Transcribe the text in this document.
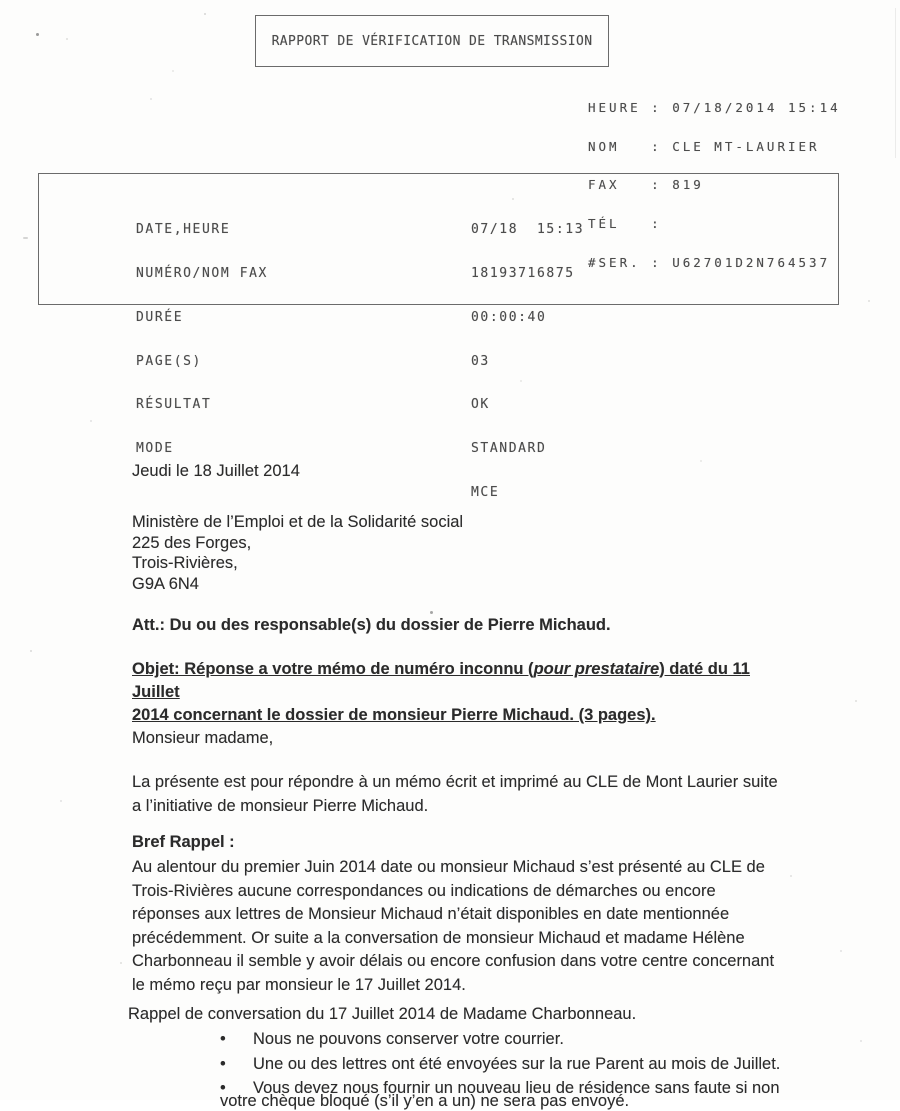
RAPPORT DE VÉRIFICATION DE TRANSMISSION

HEURE : 07/18/2014 15:14

NOM   : CLE MT-LAURIER

FAX   : 819

TÉL   :

#SER. : U62701D2N764537

DATE,HEURE

NUMÉRO/NOM FAX

DURÉE

PAGE(S)

RÉSULTAT

MODE

07/18  15:13

18193716875

00:00:40

03

OK

STANDARD

MCE

Jeudi le 18 Juillet 2014
Ministère de l’Emploi et de la Solidarité social
225 des Forges,
Trois-Rivières,
G9A 6N4
Att.: Du ou des responsable(s) du dossier de Pierre Michaud.
Objet: Réponse a votre mémo de numéro inconnu (pour prestataire) daté du 11 Juillet
2014 concernant le dossier de monsieur Pierre Michaud. (3 pages).
Monsieur madame,
La présente est pour répondre à un mémo écrit et imprimé au CLE de Mont Laurier suite
a l’initiative de monsieur Pierre Michaud.
Bref Rappel :
Au alentour du premier Juin 2014 date ou monsieur Michaud s’est présenté au CLE de
Trois-Rivières aucune correspondances ou indications de démarches ou encore
réponses aux lettres de Monsieur Michaud n’était disponibles en date mentionnée
précédemment. Or suite a la conversation de monsieur Michaud et madame Hélène
Charbonneau il semble y avoir délais ou encore confusion dans votre centre concernant
le mémo reçu par monsieur le 17 Juillet 2014.
Rappel de conversation du 17 Juillet 2014 de Madame Charbonneau.
• Nous ne pouvons conserver votre courrier.
• Une ou des lettres ont été envoyées sur la rue Parent au mois de Juillet.
• Vous devez nous fournir un nouveau lieu de résidence sans faute si non
votre chèque bloqué (s’il y’en a un) ne sera pas envoyé.
